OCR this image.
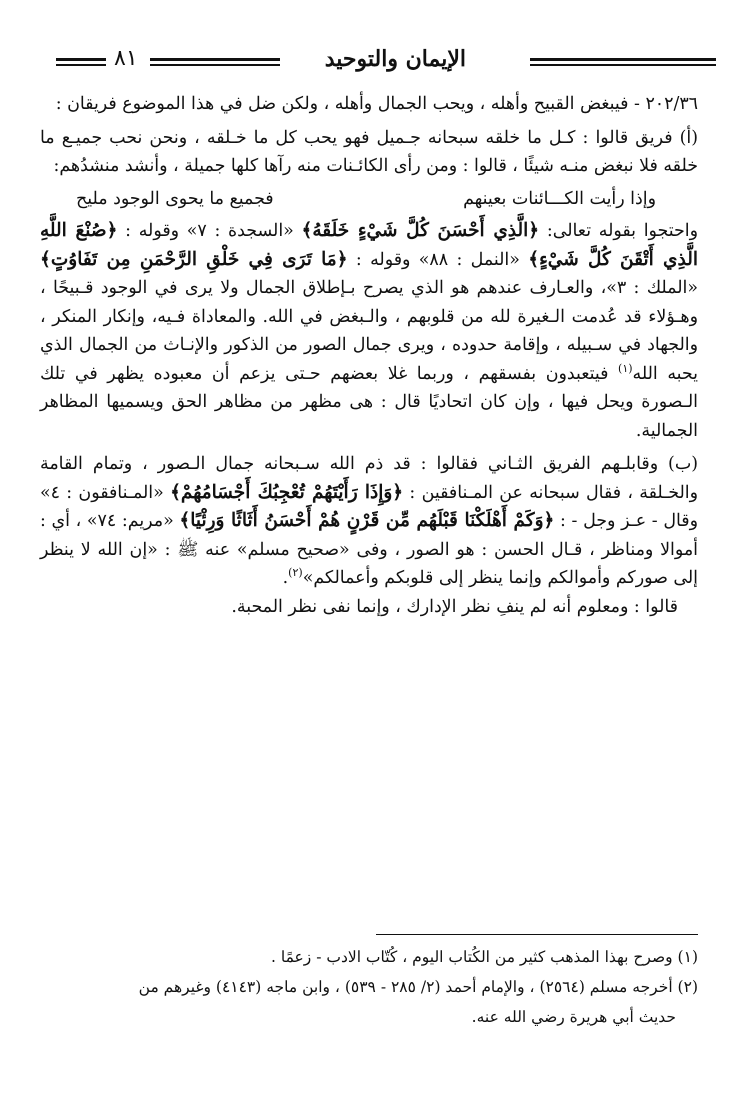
الإيمان والتوحيد
٨١

٢٠٢/٣٦ - فيبغض القبيح وأهله ، ويحب الجمال وأهله ، ولكن ضل في هذا الموضوع فريقان :

(أ) فريق قالوا : كـل ما خلقه سبحانه جـميل فهو يحب كل ما خـلقه ، ونحن نحب جميـع ما خلقه فلا نبغض منـه شيئًا ، قالوا : ومن رأى الكائـنات منه رآها كلها جميلة ، وأنشد منشدُهم:

وإذا رأيت الكـــائنات بعينهم
فجميع ما يحوى الوجود مليح

واحتجوا بقوله تعالى: ﴿الَّذِي أَحْسَنَ كُلَّ شَيْءٍ خَلَقَهُ﴾ «السجدة : ٧» وقوله : ﴿صُنْعَ اللَّهِ الَّذِي أَتْقَنَ كُلَّ شَيْءٍ﴾ «النمل : ٨٨» وقوله : ﴿مَا تَرَى فِي خَلْقِ الرَّحْمَنِ مِن تَفَاوُتٍ﴾ «الملك : ٣»، والعـارف عندهم هو الذي يصرح بـإطلاق الجمال ولا يرى في الوجود قـبيحًا ، وهـؤلاء قد عُدمت الـغيرة لله من قلوبهم ، والـبغض في الله. والمعاداة فـيه، وإنكار المنكر ، والجهاد في سـبيله ، وإقامة حدوده ، ويرى جمال الصور من الذكور والإنـاث من الجمال الذي يحبه الله$^{(١)}$ فيتعبدون بفسقهم ، وربما غلا بعضهم حـتى يزعم أن معبوده يظهر في تلك الـصورة ويحل فيها ، وإن كان اتحاديًا قال : هى مظهر من مظاهر الحق ويسميها المظاهر الجمالية.

(ب) وقابلـهم الفريق الثـاني فقالوا : قد ذم الله سـبحانه جمال الـصور ، وتمام القامة والخـلقة ، فقال سبحانه عن المـنافقين : ﴿وَإِذَا رَأَيْتَهُمْ تُعْجِبُكَ أَجْسَامُهُمْ﴾ «المـنافقون : ٤» وقال - عـز وجل - : ﴿وَكَمْ أَهْلَكْنَا قَبْلَهُم مِّن قَرْنٍ هُمْ أَحْسَنُ أَثَاثًا وَرِئْيًا﴾ «مريم: ٧٤» ، أي : أموالا ومناظر ، قـال الحسن : هو الصور ، وفى «صحيح مسلم» عنه ﷺ : «إن الله لا ينظر إلى صوركم وأموالكم وإنما ينظر إلى قلوبكم وأعمالكم»$^{(٢)}$.

قالوا : ومعلوم أنه لم ينفِ نظر الإدارك ، وإنما نفى نظر المحبة.

(١) وصرح بهذا المذهب كثير من الكُتاب اليوم ، كُتّاب الادب - زعمًا .

(٢) أخرجه مسلم (٢٥٦٤) ، والإمام أحمد (٢/ ٢٨٥ - ٥٣٩) ، وابن ماجه (٤١٤٣) وغيرهم من

حديث أبي هريرة رضي الله عنه.
